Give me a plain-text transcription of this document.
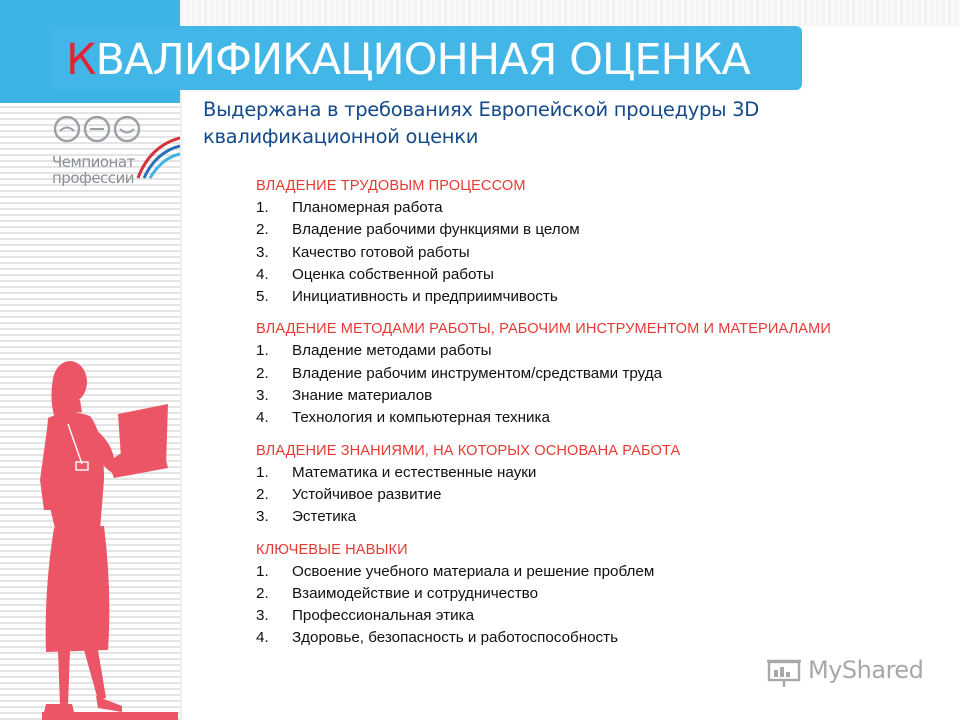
КВАЛИФИКАЦИОННАЯ ОЦЕНКА
Выдержана в требованиях Европейской процедуры 3D квалификационной оценки
Чемпионат
профессии	ВЛАДЕНИЕ ТРУДОВЫМ ПРОЦЕССОМ
1.	Планомерная работа
2.	Владение рабочими функциями в целом
3.	Качество готовой работы
4.	Оценка собственной работы
5.	Инициативность и предприимчивость
ВЛАДЕНИЕ МЕТОДАМИ РАБОТЫ, РАБОЧИМ ИНСТРУМЕНТОМ И МАТЕРИАЛАМИ
1.	Владение методами работы
2.	Владение рабочим инструментом/средствами труда
3.	Знание материалов
4.	Технология и компьютерная техника
ВЛАДЕНИЕ ЗНАНИЯМИ, НА КОТОРЫХ ОСНОВАНА РАБОТА
1.	Математика и естественные науки
2.	Устойчивое развитие
3.	Эстетика
КЛЮЧЕВЫЕ НАВЫКИ
1.	Освоение учебного материала и решение проблем
2.	Взаимодействие и сотрудничество
3.	Профессиональная этика
4.	Здоровье, безопасность и работоспособность
MyShared
